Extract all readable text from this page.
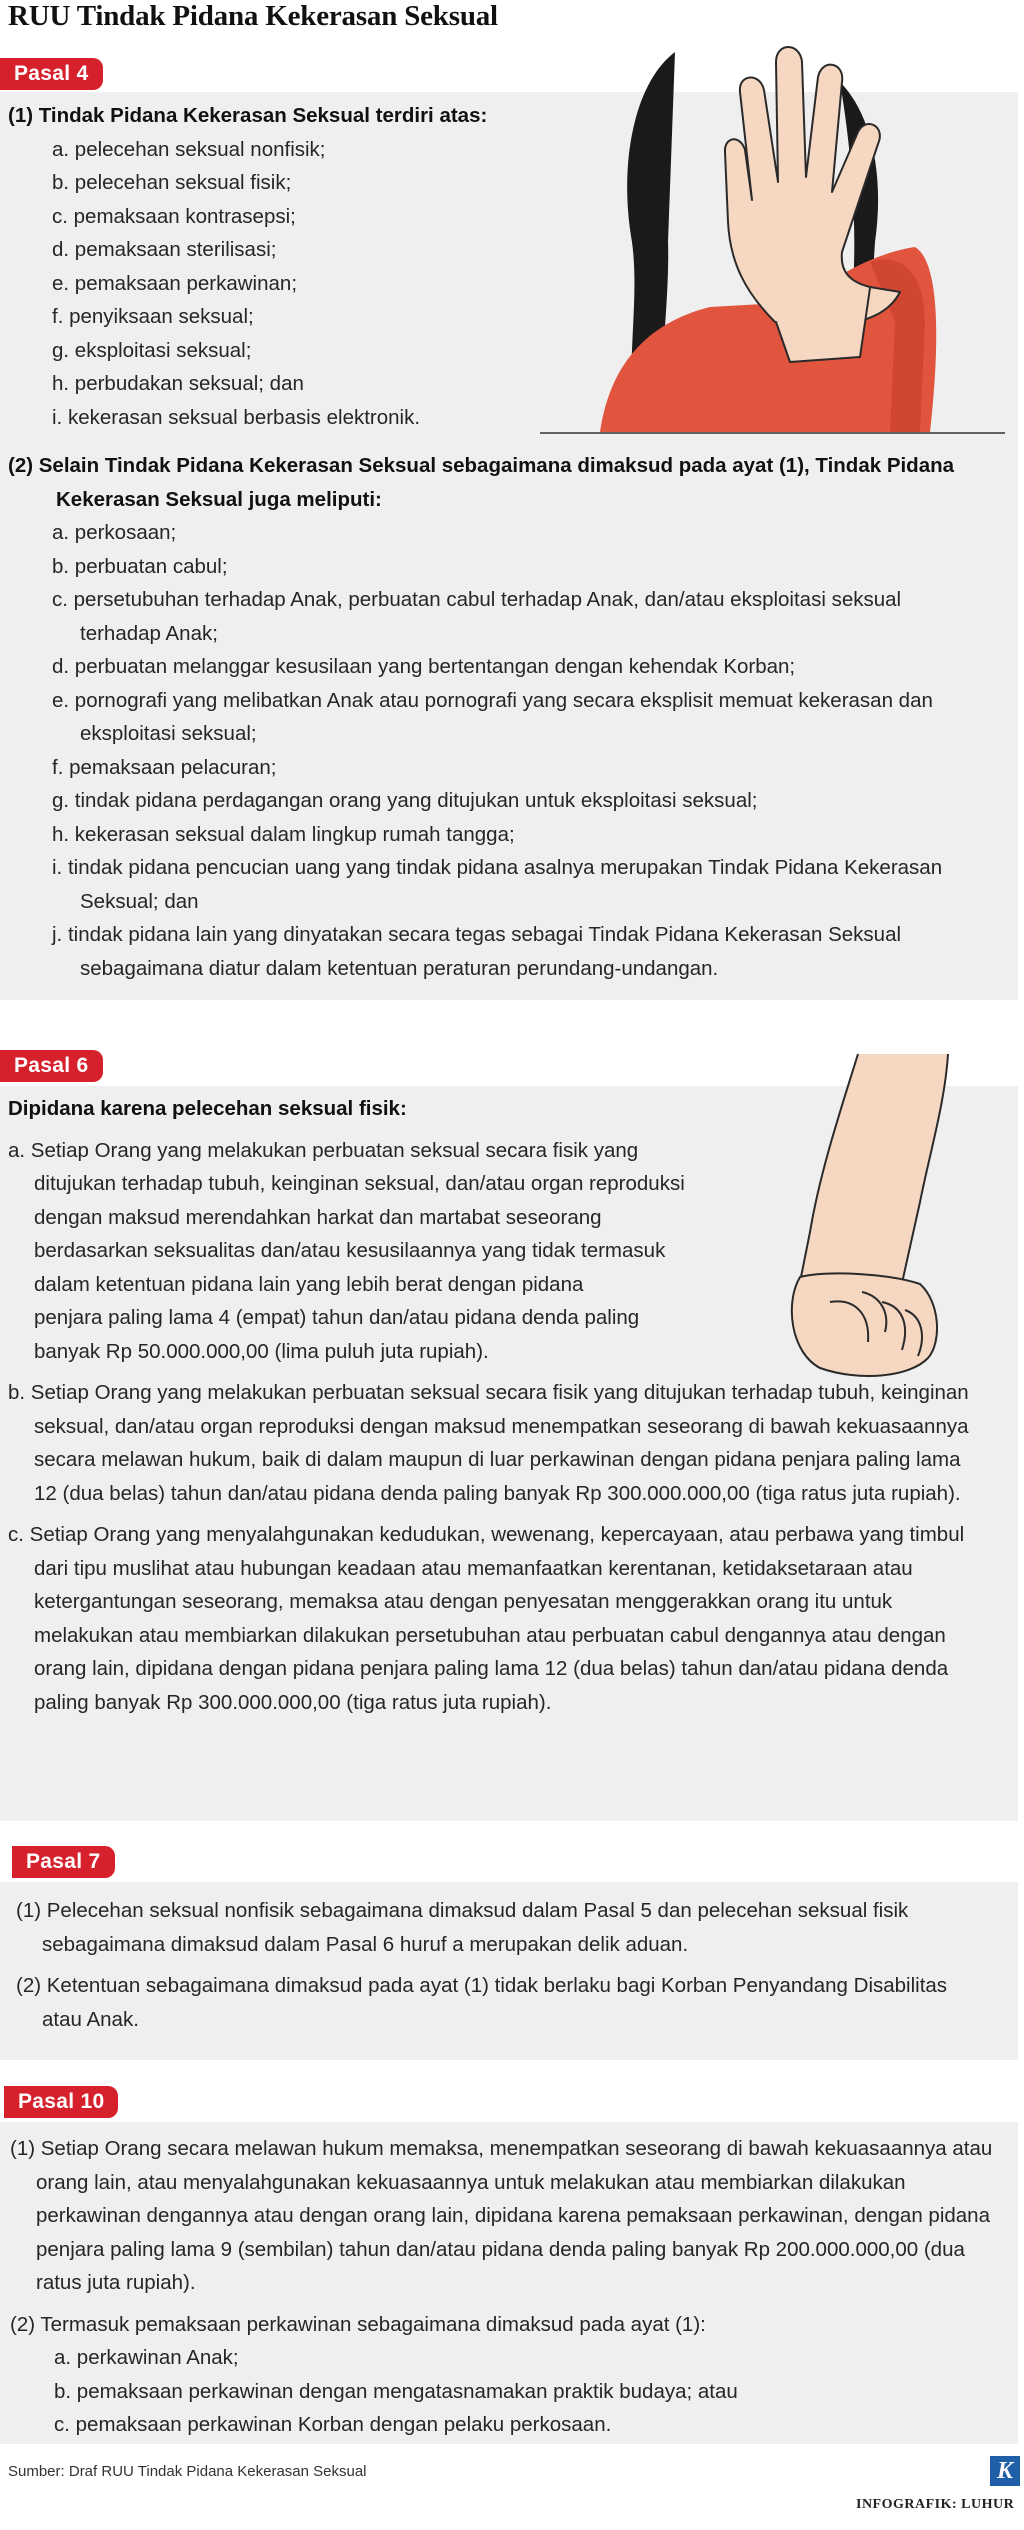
RUU Tindak Pidana Kekerasan Seksual
Pasal 4

(1) Tindak Pidana Kekerasan Seksual terdiri atas:

a. pelecehan seksual nonfisik;

b. pelecehan seksual fisik;

c. pemaksaan kontrasepsi;

d. pemaksaan sterilisasi;

e. pemaksaan perkawinan;

f. penyiksaan seksual;

g. eksploitasi seksual;

h. perbudakan seksual; dan

i. kekerasan seksual berbasis elektronik.

(2) Selain Tindak Pidana Kekerasan Seksual sebagaimana dimaksud pada ayat (1), Tindak Pidana Kekerasan Seksual juga meliputi:

a. perkosaan;

b. perbuatan cabul;

c. persetubuhan terhadap Anak, perbuatan cabul terhadap Anak, dan/atau eksploitasi seksual terhadap Anak;

d. perbuatan melanggar kesusilaan yang bertentangan dengan kehendak Korban;

e. pornografi yang melibatkan Anak atau pornografi yang secara eksplisit memuat kekerasan dan eksploitasi seksual;

f. pemaksaan pelacuran;

g. tindak pidana perdagangan orang yang ditujukan untuk eksploitasi seksual;

h. kekerasan seksual dalam lingkup rumah tangga;

i. tindak pidana pencucian uang yang tindak pidana asalnya merupakan Tindak Pidana Kekerasan Seksual; dan

j. tindak pidana lain yang dinyatakan secara tegas sebagai Tindak Pidana Kekerasan Seksual sebagaimana diatur dalam ketentuan peraturan perundang-undangan.

Pasal 6

Dipidana karena pelecehan seksual fisik:

a. Setiap Orang yang melakukan perbuatan seksual secara fisik yang

ditujukan terhadap tubuh, keinginan seksual, dan/atau organ reproduksi

dengan maksud merendahkan harkat dan martabat seseorang

berdasarkan seksualitas dan/atau kesusilaannya yang tidak termasuk

dalam ketentuan pidana lain yang lebih berat dengan pidana

penjara paling lama 4 (empat) tahun dan/atau pidana denda paling

banyak Rp 50.000.000,00 (lima puluh juta rupiah).

b. Setiap Orang yang melakukan perbuatan seksual secara fisik yang ditujukan terhadap tubuh, keinginan seksual, dan/atau organ reproduksi dengan maksud menempatkan seseorang di bawah kekuasaannya secara melawan hukum, baik di dalam maupun di luar perkawinan dengan pidana penjara paling lama 12 (dua belas) tahun dan/atau pidana denda paling banyak Rp 300.000.000,00 (tiga ratus juta rupiah).

c. Setiap Orang yang menyalahgunakan kedudukan, wewenang, kepercayaan, atau perbawa yang timbul dari tipu muslihat atau hubungan keadaan atau memanfaatkan kerentanan, ketidaksetaraan atau ketergantungan seseorang, memaksa atau dengan penyesatan menggerakkan orang itu untuk melakukan atau membiarkan dilakukan persetubuhan atau perbuatan cabul dengannya atau dengan orang lain, dipidana dengan pidana penjara paling lama 12 (dua belas) tahun dan/atau pidana denda paling banyak Rp 300.000.000,00 (tiga ratus juta rupiah).

Pasal 7

(1) Pelecehan seksual nonfisik sebagaimana dimaksud dalam Pasal 5 dan pelecehan seksual fisik sebagaimana dimaksud dalam Pasal 6 huruf a merupakan delik aduan.

(2) Ketentuan sebagaimana dimaksud pada ayat (1) tidak berlaku bagi Korban Penyandang Disabilitas atau Anak.

Pasal 10

(1) Setiap Orang secara melawan hukum memaksa, menempatkan seseorang di bawah kekuasaannya atau orang lain, atau menyalahgunakan kekuasaannya untuk melakukan atau membiarkan dilakukan perkawinan dengannya atau dengan orang lain, dipidana karena pemaksaan perkawinan, dengan pidana penjara paling lama 9 (sembilan) tahun dan/atau pidana denda paling banyak Rp 200.000.000,00 (dua ratus juta rupiah).

(2) Termasuk pemaksaan perkawinan sebagaimana dimaksud pada ayat (1):

a. perkawinan Anak;

b. pemaksaan perkawinan dengan mengatasnamakan praktik budaya; atau

c. pemaksaan perkawinan Korban dengan pelaku perkosaan.

Sumber: Draf RUU Tindak Pidana Kekerasan Seksual	K
INFOGRAFIK: LUHUR
